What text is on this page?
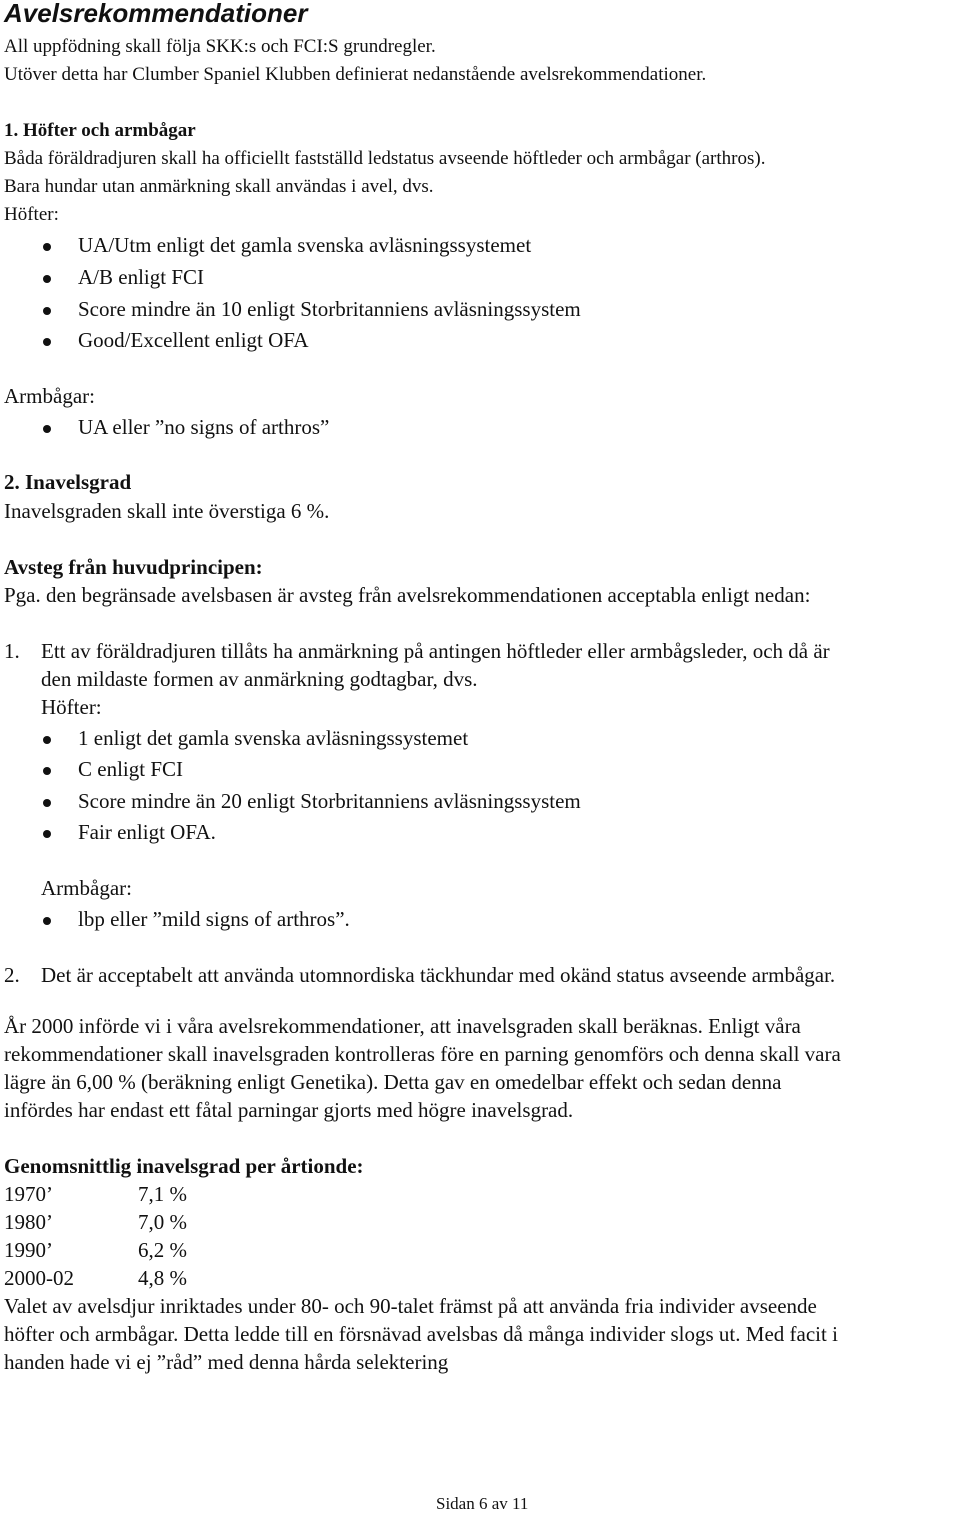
Avelsrekommendationer
All uppfödning skall följa SKK:s och FCI:S grundregler.
Utöver detta har Clumber Spaniel Klubben definierat nedanstående avelsrekommendationer.
1. Höfter och armbågar
Båda föräldradjuren skall ha officiellt fastställd ledstatus avseende höftleder och armbågar (arthros).
Bara hundar utan anmärkning skall användas i avel, dvs.
Höfter:
UA/Utm enligt det gamla svenska avläsningssystemet
A/B enligt FCI
Score mindre än 10 enligt Storbritanniens avläsningssystem
Good/Excellent enligt OFA
Armbågar:
UA eller ”no signs of arthros”
2. Inavelsgrad
Inavelsgraden skall inte överstiga 6 %.
Avsteg från huvudprincipen:
Pga. den begränsade avelsbasen är avsteg från avelsrekommendationen acceptabla enligt nedan:
1. Ett av föräldradjuren tillåts ha anmärkning på antingen höftleder eller armbågsleder, och då är
den mildaste formen av anmärkning godtagbar, dvs.
Höfter:
1 enligt det gamla svenska avläsningssystemet
C enligt FCI
Score mindre än 20 enligt Storbritanniens avläsningssystem
Fair enligt OFA.
Armbågar:
lbp eller ”mild signs of arthros”.
2. Det är acceptabelt att använda utomnordiska täckhundar med okänd status avseende armbågar.
År 2000 införde vi i våra avelsrekommendationer, att inavelsgraden skall beräknas. Enligt våra
rekommendationer skall inavelsgraden kontrolleras före en parning genomförs och denna skall vara
lägre än 6,00 % (beräkning enligt Genetika). Detta gav en omedelbar effekt och sedan denna
infördes har endast ett fåtal parningar gjorts med högre inavelsgrad.
Genomsnittlig inavelsgrad per årtionde:
1970’	7,1 %
1980’	7,0 %
1990’	6,2 %
2000-02	4,8 %
Valet av avelsdjur inriktades under 80- och 90-talet främst på att använda fria individer avseende
höfter och armbågar. Detta ledde till en försnävad avelsbas då många individer slogs ut. Med facit i
handen hade vi ej ”råd” med denna hårda selektering
Sidan 6 av 11
